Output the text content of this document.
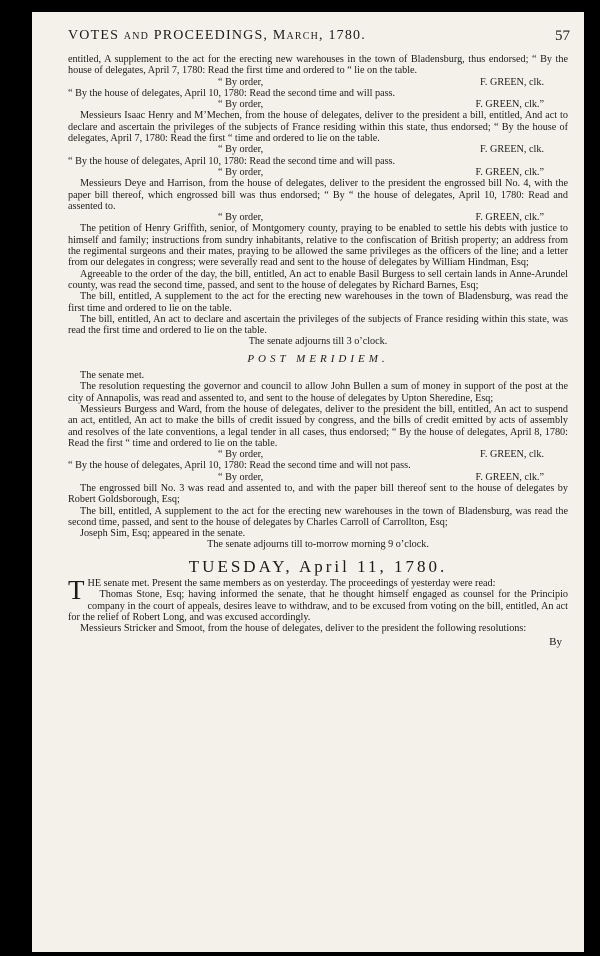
VOTES and PROCEEDINGS, March, 1780.	57

entitled, A supplement to the act for the erecting new warehouses in the town of Bladensburg, thus endorsed; “ By the house of delegates, April 7, 1780: Read the first time and ordered to “ lie on the table.

“ By order,	F. GREEN, clk.

“ By the house of delegates, April 10, 1780: Read the second time and will pass.

“ By order,	F. GREEN, clk.”

Messieurs Isaac Henry and M’Mechen, from the house of delegates, deliver to the president a bill, entitled, And act to declare and ascertain the privileges of the subjects of France residing within this state, thus endorsed; “ By the house of delegates, April 7, 1780: Read the first “ time and ordered to lie on the table.

“ By order,	F. GREEN, clk.

“ By the house of delegates, April 10, 1780: Read the second time and will pass.

“ By order,	F. GREEN, clk.”

Messieurs Deye and Harrison, from the house of delegates, deliver to the president the engrossed bill No. 4, with the paper bill thereof, which engrossed bill was thus endorsed; “ By “ the house of delegates, April 10, 1780: Read and assented to.

“ By order,	F. GREEN, clk.”

The petition of Henry Griffith, senior, of Montgomery county, praying to be enabled to settle his debts with justice to himself and family; instructions from sundry inhabitants, relative to the confiscation of British property; an address from the regimental surgeons and their mates, praying to be allowed the same privileges as the officers of the line; and a letter from our delegates in congress; were severally read and sent to the house of delegates by William Hindman, Esq;

Agreeable to the order of the day, the bill, entitled, An act to enable Basil Burgess to sell certain lands in Anne-Arundel county, was read the second time, passed, and sent to the house of delegates by Richard Barnes, Esq;

The bill, entitled, A supplement to the act for the erecting new warehouses in the town of Bladensburg, was read the first time and ordered to lie on the table.

The bill, entitled, An act to declare and ascertain the privileges of the subjects of France residing within this state, was read the first time and ordered to lie on the table.

The senate adjourns till 3 o’clock.

POST MERIDIEM.

The senate met.

The resolution requesting the governor and council to allow John Bullen a sum of money in support of the post at the city of Annapolis, was read and assented to, and sent to the house of delegates by Upton Sheredine, Esq;

Messieurs Burgess and Ward, from the house of delegates, deliver to the president the bill, entitled, An act to suspend an act, entitled, An act to make the bills of credit issued by congress, and the bills of credit emitted by acts of assembly and resolves of the late conventions, a legal tender in all cases, thus endorsed; “ By the house of delegates, April 8, 1780: Read the first “ time and ordered to lie on the table.

“ By order,	F. GREEN, clk.

“ By the house of delegates, April 10, 1780: Read the second time and will not pass.

“ By order,	F. GREEN, clk.”

The engrossed bill No. 3 was read and assented to, and with the paper bill thereof sent to the house of delegates by Robert Goldsborough, Esq;

The bill, entitled, A supplement to the act for the erecting new warehouses in the town of Bladensburg, was read the second time, passed, and sent to the house of delegates by Charles Carroll of Carrollton, Esq;

Joseph Sim, Esq; appeared in the senate.

The senate adjourns till to-morrow morning 9 o’clock.

TUESDAY, April 11, 1780.

THE senate met. Present the same members as on yesterday. The proceedings of yesterday were read:

Thomas Stone, Esq; having informed the senate, that he thought himself engaged as counsel for the Principio company in the court of appeals, desires leave to withdraw, and to be excused from voting on the bill, entitled, An act for the relief of Robert Long, and was excused accordingly.

Messieurs Stricker and Smoot, from the house of delegates, deliver to the president the following resolutions:

By
